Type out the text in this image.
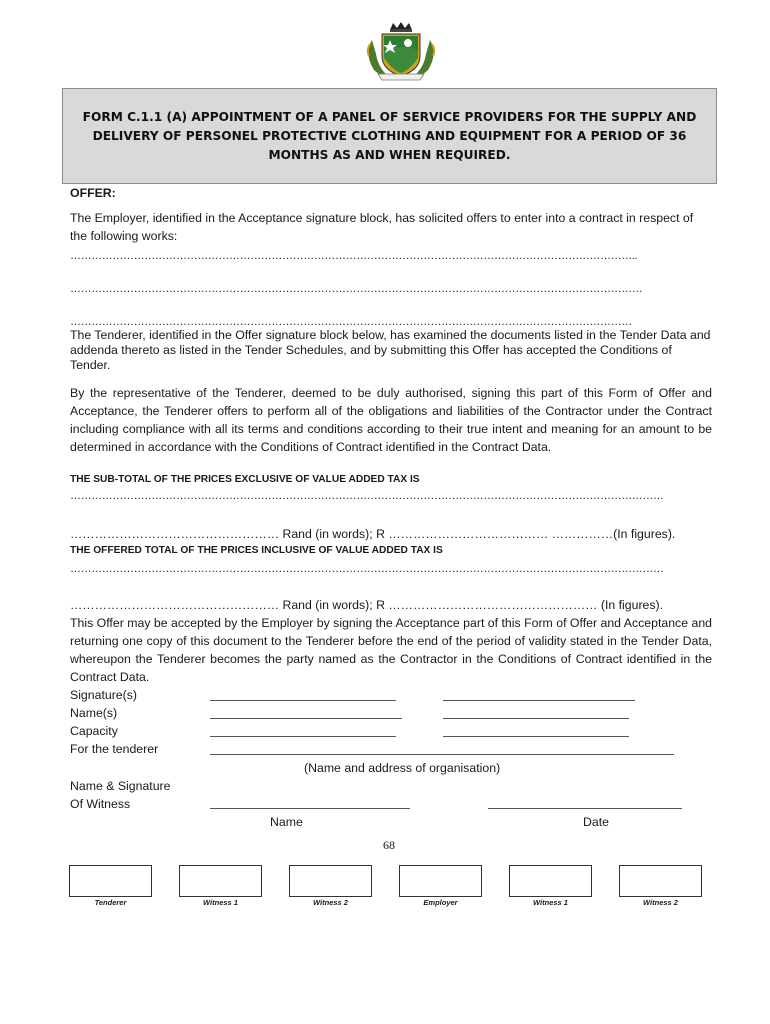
FORM C.1.1 (A) APPOINTMENT OF A PANEL OF SERVICE PROVIDERS FOR THE SUPPLY AND DELIVERY OF PERSONEL PROTECTIVE CLOTHING AND EQUIPMENT FOR A PERIOD OF 36 MONTHS AS AND WHEN REQUIRED.
OFFER:
The Employer, identified in the Acceptance signature block, has solicited offers to enter into a contract in respect of the following works:
……………………………………………………………………………………………………………………………………………..
………………………………………………………………………………………………………………………………………………
……………………………………………………………………………………………………………………………………………
The Tenderer, identified in the Offer signature block below, has examined the documents listed in the Tender Data and addenda thereto as listed in the Tender Schedules, and by submitting this Offer has accepted the Conditions of Tender.
By the representative of the Tenderer, deemed to be duly authorised, signing this part of this Form of Offer and Acceptance, the Tenderer offers to perform all of the obligations and liabilities of the Contractor under the Contract including compliance with all its terms and conditions according to their true intent and meaning for an amount to be determined in accordance with the Conditions of Contract identified in the Contract Data.
THE SUB-TOTAL OF THE PRICES EXCLUSIVE OF VALUE ADDED TAX IS
……………………………………………………………………………………………………………………………………………………
…………………………………………… Rand (in words); R ………………………………… ……………(In figures).
THE OFFERED TOTAL OF THE PRICES INCLUSIVE OF VALUE ADDED TAX IS
……………………………………………………………………………………………………………………………………………………
…………………………………………… Rand (in words); R …………………………………………… (In figures).
This Offer may be accepted by the Employer by signing the Acceptance part of this Form of Offer and Acceptance and returning one copy of this document to the Tenderer before the end of the period of validity stated in the Tender Data, whereupon the Tenderer becomes the party named as the Contractor in the Conditions of Contract identified in the Contract Data.
Signature(s)
Name(s)
Capacity
For the tenderer
(Name and address of organisation)
Name & Signature
Of Witness
Name	Date
68
Tenderer	Witness 1	Witness 2	Employer	Witness 1	Witness 2
